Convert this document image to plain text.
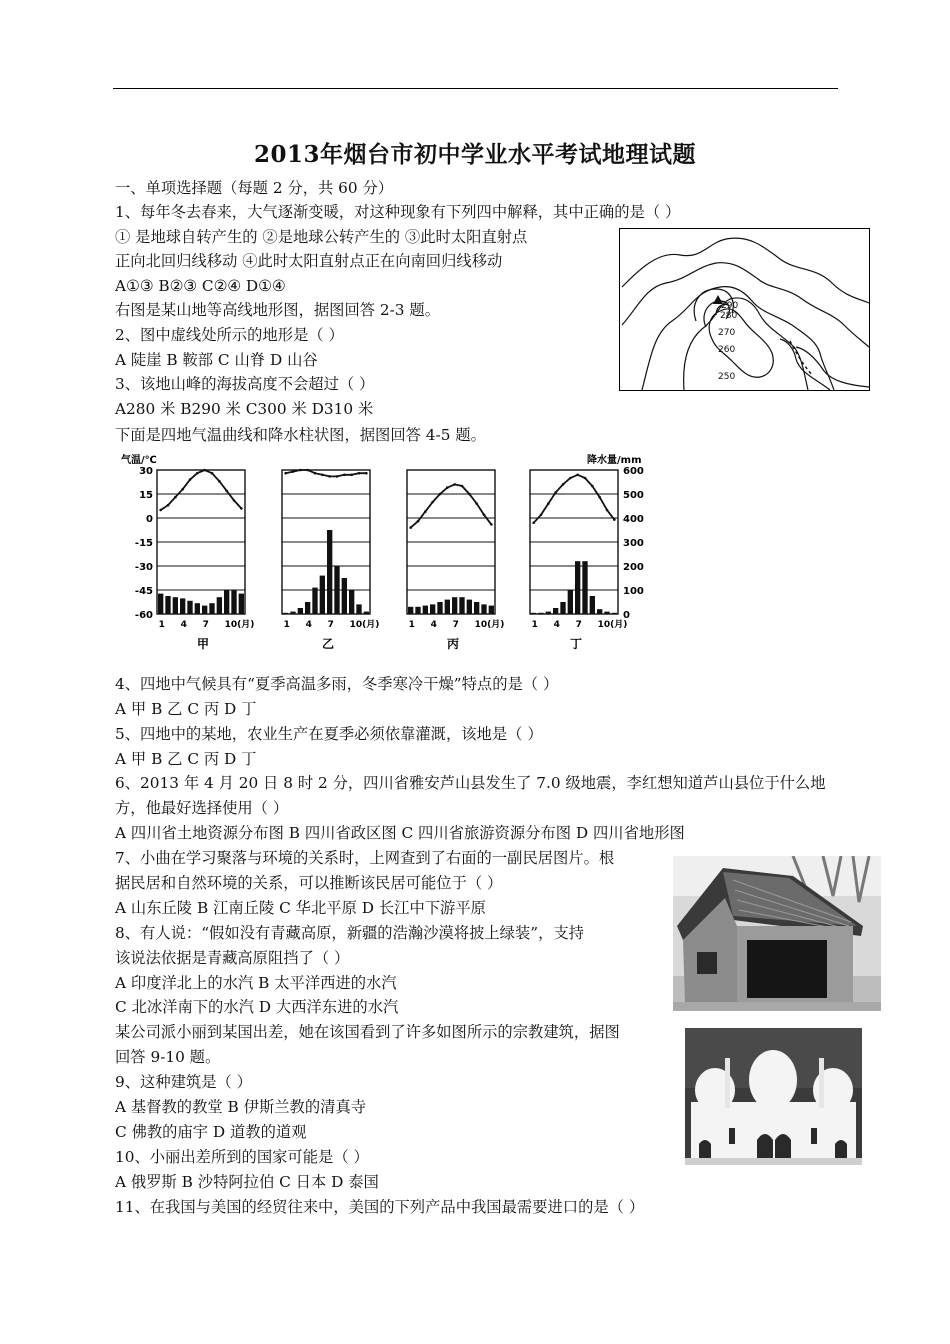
2013年烟台市初中学业水平考试地理试题
一、单项选择题（每题 2 分，共 60 分）
1、每年冬去春来，大气逐渐变暖，对这种现象有下列四中解释，其中正确的是（ ）
① 是地球自转产生的 ②是地球公转产生的 ③此时太阳直射点
正向北回归线移动 ④此时太阳直射点正在向南回归线移动
A①③ B②③ C②④ D①④
右图是某山地等高线地形图，据图回答 2-3 题。
2、图中虚线处所示的地形是（ ）
A 陡崖 B 鞍部 C 山脊 D 山谷
3、该地山峰的海拔高度不会超过（ ）
A280 米 B290 米 C300 米 D310 米
下面是四地气温曲线和降水柱状图，据图回答 4-5 题。
290
280
270
260
250
气温/℃	降水量/mm
30
15
0
-15
-30
-45
-60
600
500
400
300
200
100
0
1 4 7 10(月)
甲
1 4 7 10(月)
乙
1 4 7 10(月)
丙
1 4 7 10(月)
丁
4、四地中气候具有“夏季高温多雨，冬季寒冷干燥”特点的是（ ）
A 甲 B 乙 C 丙 D 丁
5、四地中的某地，农业生产在夏季必须依靠灌溉，该地是（ ）
A 甲 B 乙 C 丙 D 丁
6、2013 年 4 月 20 日 8 时 2 分，四川省雅安芦山县发生了 7.0 级地震，李红想知道芦山县位于什么地
方，他最好选择使用（ ）
A 四川省土地资源分布图 B 四川省政区图 C 四川省旅游资源分布图 D 四川省地形图
7、小曲在学习聚落与环境的关系时，上网查到了右面的一副民居图片。根
据民居和自然环境的关系，可以推断该民居可能位于（ ）
A 山东丘陵 B 江南丘陵 C 华北平原 D 长江中下游平原
8、有人说：“假如没有青藏高原，新疆的浩瀚沙漠将披上绿装”，支持
该说法依据是青藏高原阻挡了（ ）
A 印度洋北上的水汽 B 太平洋西进的水汽
C 北冰洋南下的水汽 D 大西洋东进的水汽
某公司派小丽到某国出差，她在该国看到了许多如图所示的宗教建筑，据图
回答 9-10 题。
9、这种建筑是（ ）
A 基督教的教堂 B 伊斯兰教的清真寺
C 佛教的庙宇 D 道教的道观
10、小丽出差所到的国家可能是（ ）
A 俄罗斯 B 沙特阿拉伯 C 日本 D 泰国
11、在我国与美国的经贸往来中，美国的下列产品中我国最需要进口的是（ ）
